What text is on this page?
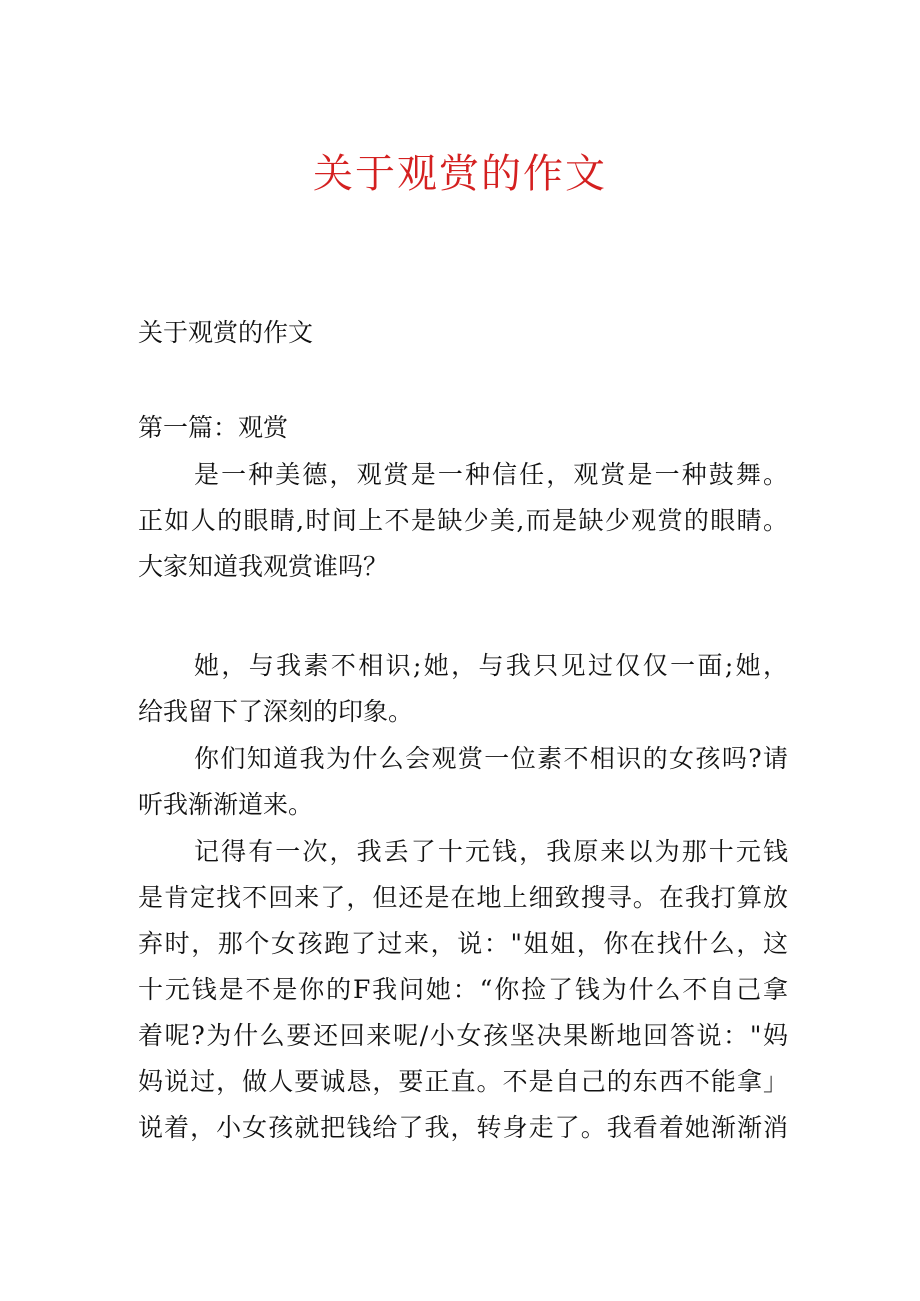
关于观赏的作文

关于观赏的作文

第一篇：观赏

是一种美德，观赏是一种信任，观赏是一种鼓舞。
正如人的眼睛,时间上不是缺少美,而是缺少观赏的眼睛。
大家知道我观赏谁吗？

她，与我素不相识;她，与我只见过仅仅一面;她，
给我留下了深刻的印象。

你们知道我为什么会观赏一位素不相识的女孩吗?请
听我渐渐道来。

记得有一次，我丢了十元钱，我原来以为那十元钱
是肯定找不回来了，但还是在地上细致搜寻。在我打算放
弃时，那个女孩跑了过来，说："姐姐，你在找什么，这
十元钱是不是你的F我问她：“你捡了钱为什么不自己拿
着呢?为什么要还回来呢/小女孩坚决果断地回答说："妈
妈说过，做人要诚恳，要正直。不是自己的东西不能拿」
说着，小女孩就把钱给了我，转身走了。我看着她渐渐消
